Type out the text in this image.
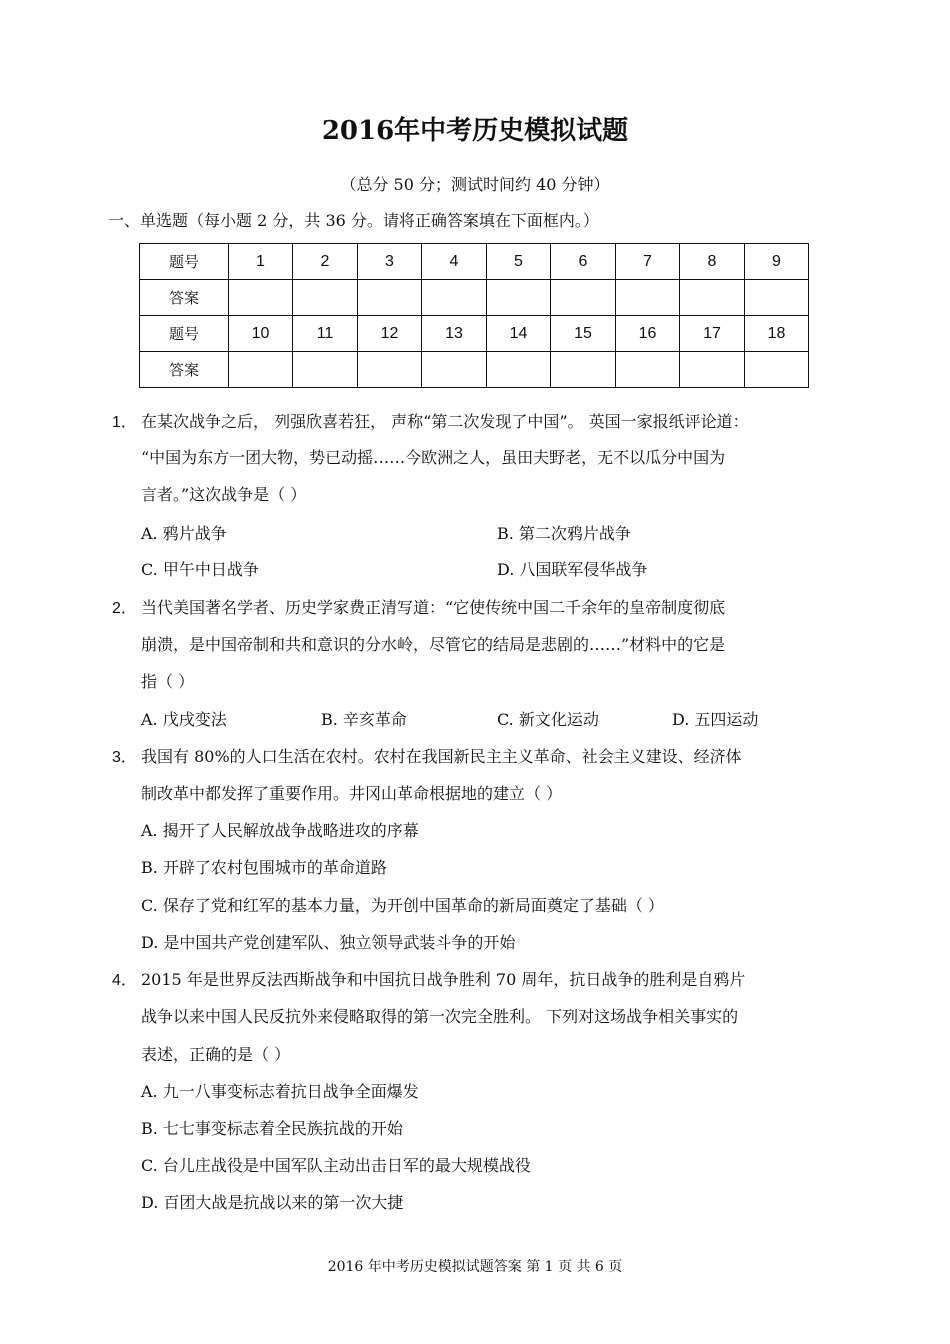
2016年中考历史模拟试题
（总分 50 分；测试时间约 40 分钟）
一、单选题（每小题 2 分，共 36 分。请将正确答案填在下面框内。）
题号	1	2	3	4	5	6	7	8	9
答案									
题号	10	11	12	13	14	15	16	17	18
答案									
1． 在某次战争之后， 列强欣喜若狂， 声称“第二次发现了中国”。 英国一家报纸评论道：
“中国为东方一团大物，势已动摇……今欧洲之人，虽田夫野老，无不以瓜分中国为
言者。”这次战争是（ ）
A. 鸦片战争	B. 第二次鸦片战争
C. 甲午中日战争	D. 八国联军侵华战争
2． 当代美国著名学者、历史学家费正清写道：“它使传统中国二千余年的皇帝制度彻底
崩溃，是中国帝制和共和意识的分水岭，尽管它的结局是悲剧的……”材料中的它是
指（ ）
A. 戊戌变法	B. 辛亥革命	C. 新文化运动	D. 五四运动
3． 我国有 80%的人口生活在农村。农村在我国新民主主义革命、社会主义建设、经济体
制改革中都发挥了重要作用。井冈山革命根据地的建立（ ）
A. 揭开了人民解放战争战略进攻的序幕
B. 开辟了农村包围城市的革命道路
C. 保存了党和红军的基本力量，为开创中国革命的新局面奠定了基础（ ）
D. 是中国共产党创建军队、独立领导武装斗争的开始
4． 2015 年是世界反法西斯战争和中国抗日战争胜利 70 周年，抗日战争的胜利是自鸦片
战争以来中国人民反抗外来侵略取得的第一次完全胜利。 下列对这场战争相关事实的
表述，正确的是（ ）
A. 九一八事变标志着抗日战争全面爆发
B. 七七事变标志着全民族抗战的开始
C. 台儿庄战役是中国军队主动出击日军的最大规模战役
D. 百团大战是抗战以来的第一次大捷
2016 年中考历史模拟试题答案 第 1 页 共 6 页
